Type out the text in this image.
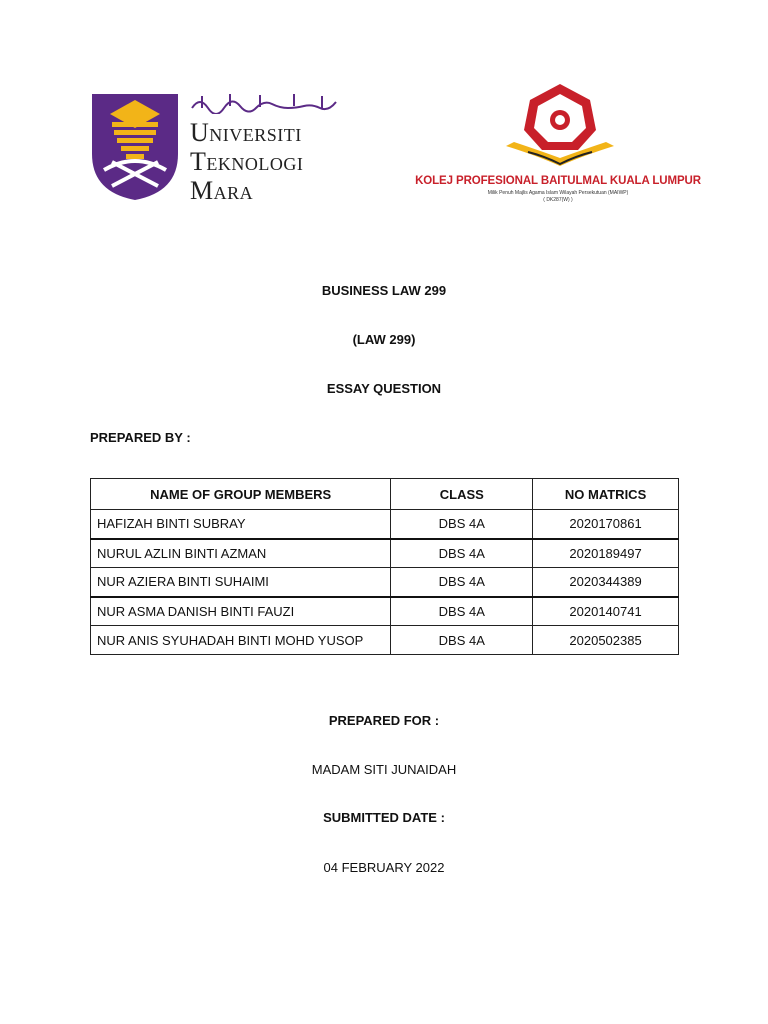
Universiti
Teknologi
Mara	KOLEJ PROFESIONAL BAITULMAL KUALA LUMPUR
Milik Penuh Majlis Agama Islam Wilayah Persekutuan (MAIWP)
( DK287(W) )
BUSINESS LAW 299
(LAW 299)
ESSAY QUESTION
PREPARED BY :
NAME OF GROUP MEMBERS	CLASS	NO MATRICS
HAFIZAH BINTI SUBRAY	DBS 4A	2020170861
NURUL AZLIN BINTI AZMAN	DBS 4A	2020189497
NUR AZIERA BINTI SUHAIMI	DBS 4A	2020344389
NUR ASMA DANISH BINTI FAUZI	DBS 4A	2020140741
NUR ANIS SYUHADAH BINTI MOHD YUSOP	DBS 4A	2020502385
PREPARED FOR :
MADAM SITI JUNAIDAH
SUBMITTED DATE :
04 FEBRUARY 2022
